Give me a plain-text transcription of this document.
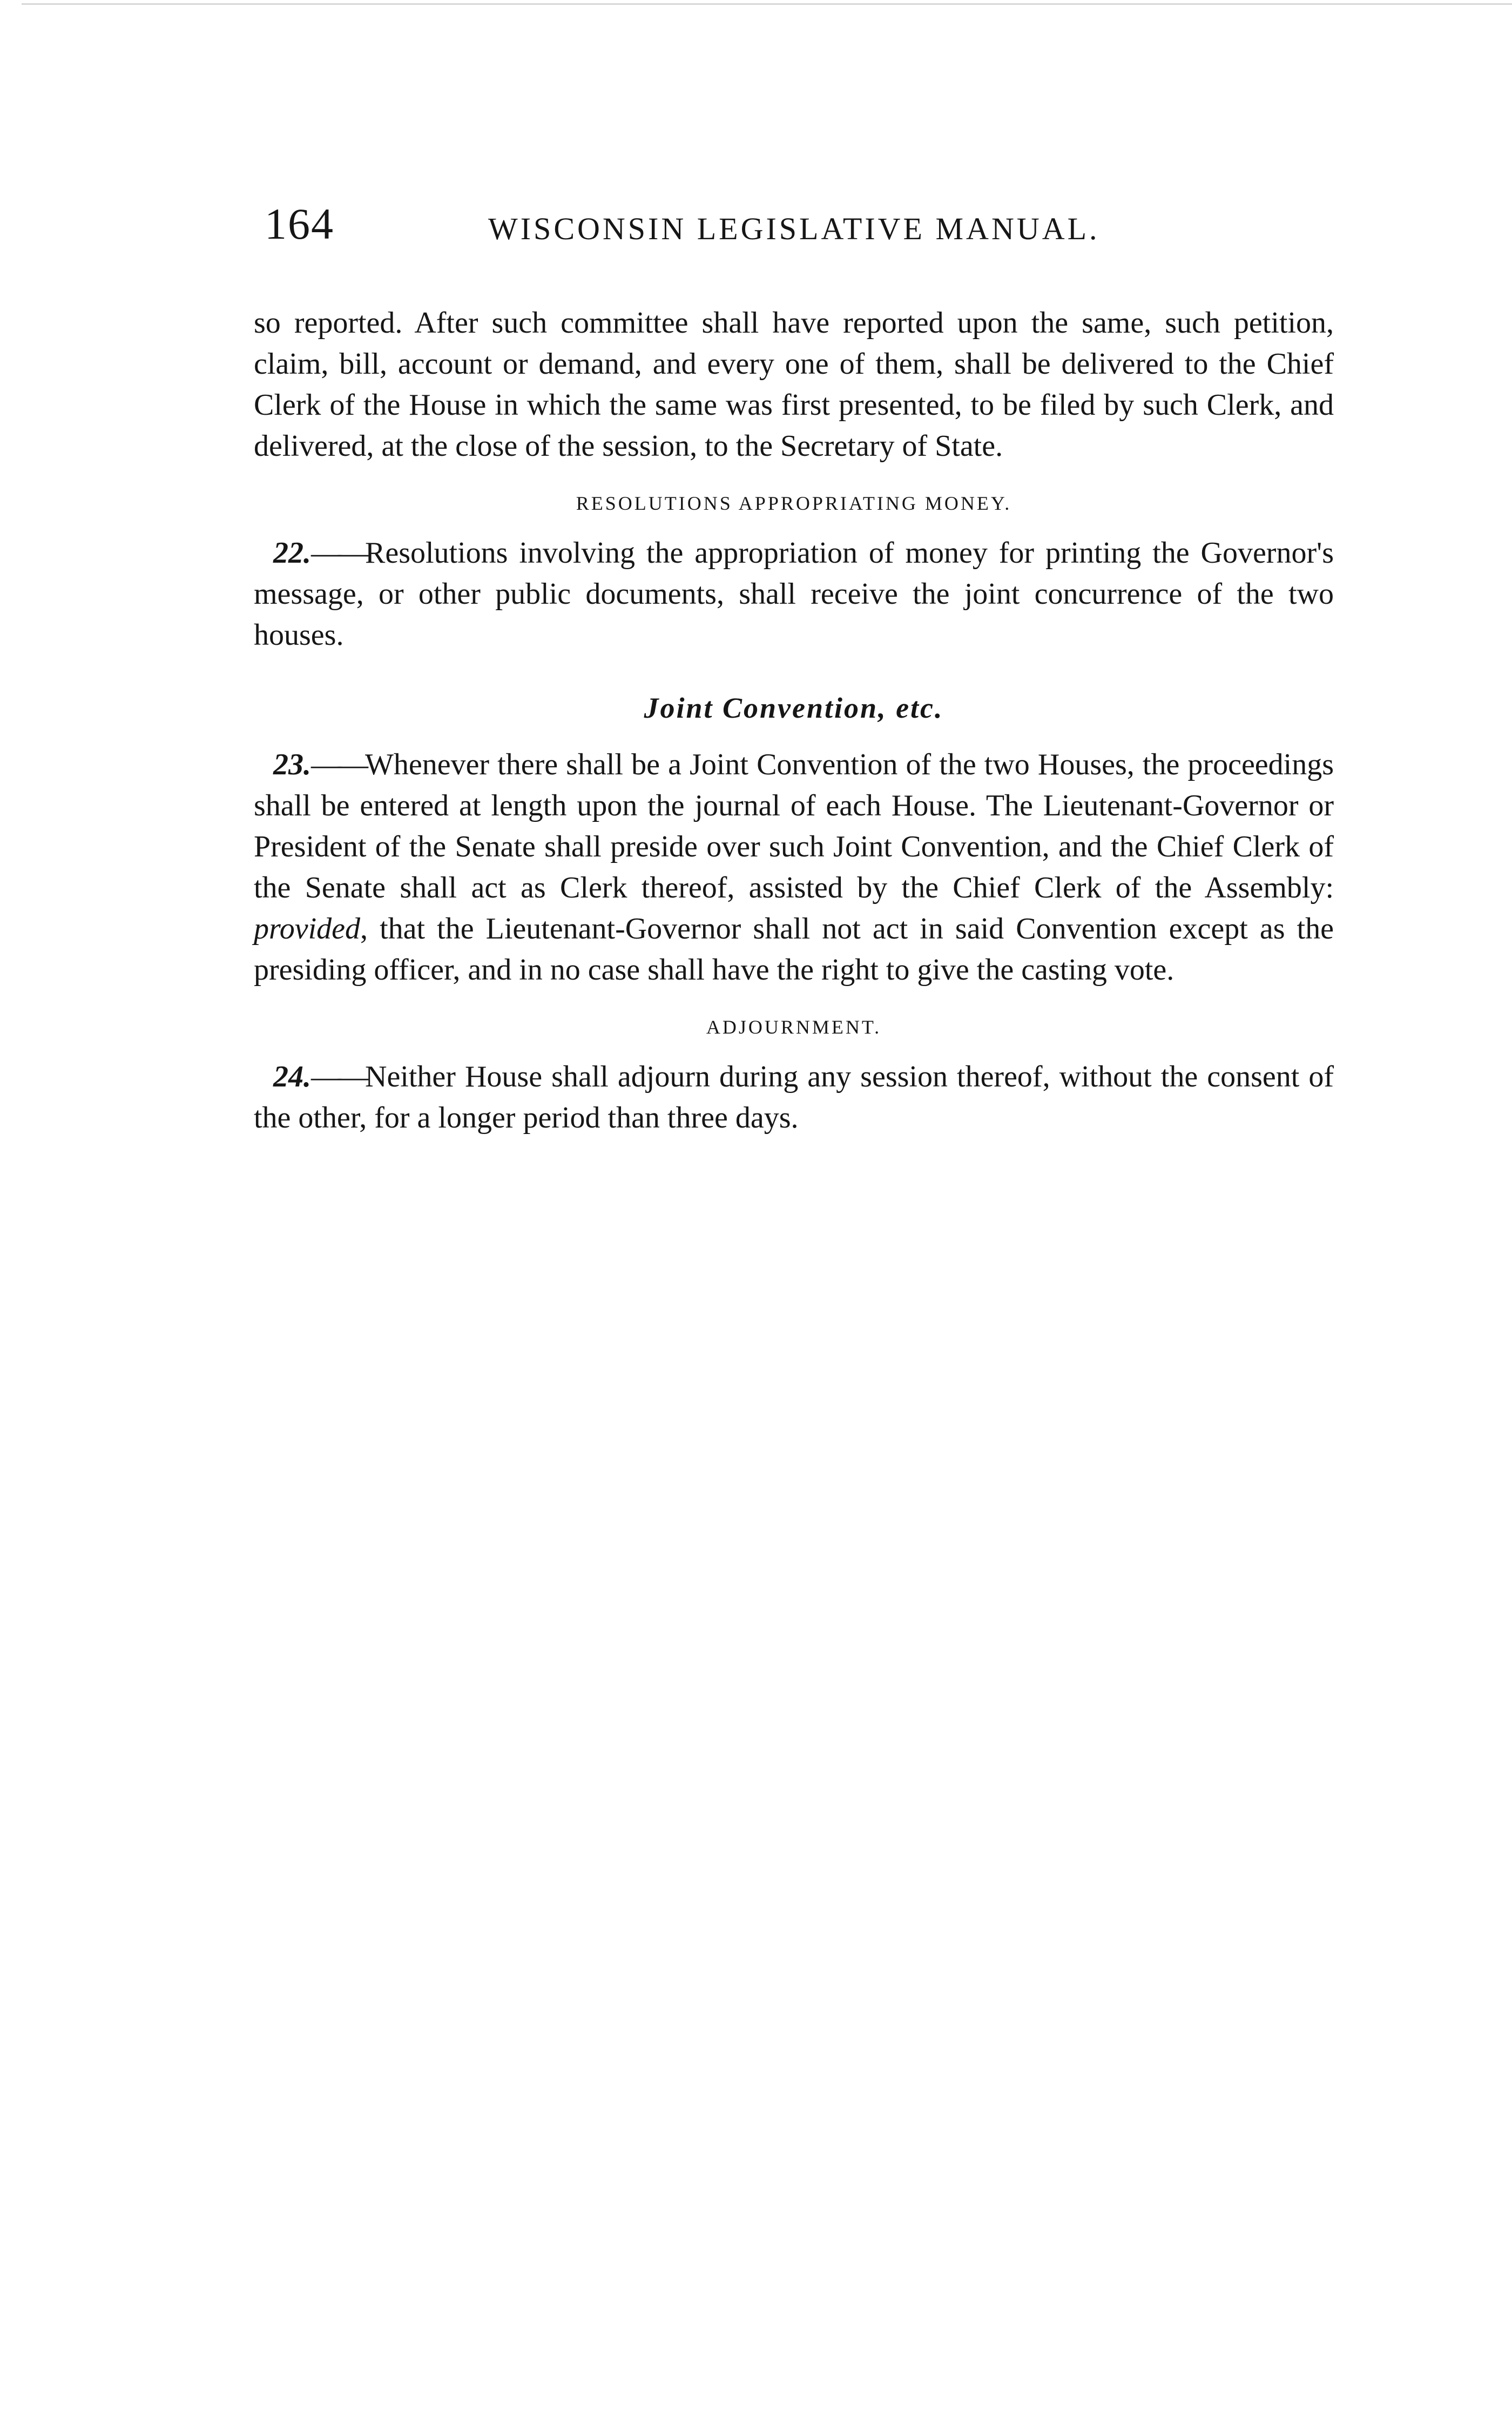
164	WISCONSIN LEGISLATIVE MANUAL.

so reported. After such committee shall have reported upon the same, such petition, claim, bill, account or demand, and every one of them, shall be delivered to the Chief Clerk of the House in which the same was first presented, to be filed by such Clerk, and delivered, at the close of the session, to the Secretary of State.

RESOLUTIONS APPROPRIATING MONEY.

22.——Resolutions involving the appropriation of money for printing the Governor's message, or other public documents, shall receive the joint concurrence of the two houses.

Joint Convention, etc.

23.——Whenever there shall be a Joint Convention of the two Houses, the proceedings shall be entered at length upon the journal of each House. The Lieutenant-Governor or President of the Senate shall preside over such Joint Convention, and the Chief Clerk of the Senate shall act as Clerk thereof, assisted by the Chief Clerk of the Assembly: provided, that the Lieutenant-Governor shall not act in said Convention except as the presiding officer, and in no case shall have the right to give the casting vote.

ADJOURNMENT.

24.——Neither House shall adjourn during any session thereof, without the consent of the other, for a longer period than three days.
